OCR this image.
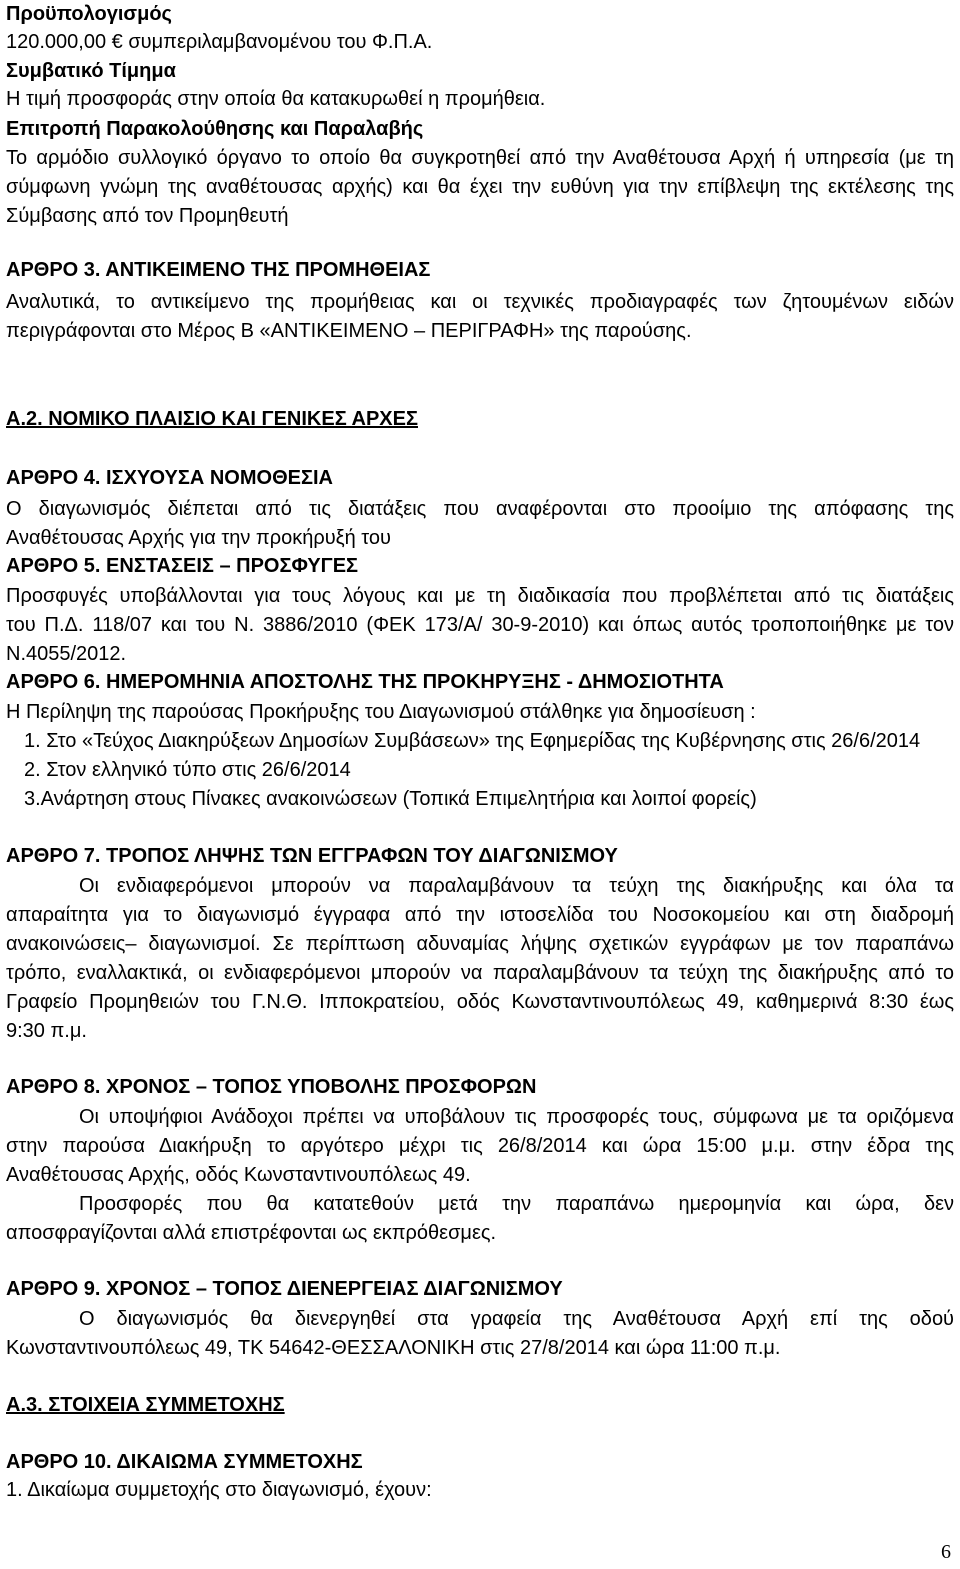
Προϋπολογισμός
120.000,00 € συμπεριλαμβανομένου του Φ.Π.Α.
Συμβατικό Τίμημα
Η τιμή προσφοράς στην οποία θα κατακυρωθεί η προμήθεια.
Επιτροπή Παρακολούθησης και Παραλαβής
Το αρμόδιο συλλογικό όργανο το οποίο θα συγκροτηθεί από την Αναθέτουσα Αρχή ή υπηρεσία (με τη
σύμφωνη γνώμη της αναθέτουσας αρχής) και θα έχει την ευθύνη για την επίβλεψη της εκτέλεσης της
Σύμβασης από τον Προμηθευτή
ΑΡΘΡΟ 3. ΑΝΤΙΚΕΙΜΕΝΟ ΤΗΣ ΠΡΟΜΗΘΕΙΑΣ
Αναλυτικά, το αντικείμενο της προμήθειας και οι τεχνικές προδιαγραφές των ζητουμένων ειδών
περιγράφονται στο Μέρος Β «ΑΝΤΙΚΕΙΜΕΝΟ – ΠΕΡΙΓΡΑΦΗ» της παρούσης.
Α.2. ΝΟΜΙΚΟ ΠΛΑΙΣΙΟ ΚΑΙ ΓΕΝΙΚΕΣ ΑΡΧΕΣ
ΑΡΘΡΟ 4. ΙΣΧΥΟΥΣΑ ΝΟΜΟΘΕΣΙΑ
Ο διαγωνισμός διέπεται από τις διατάξεις που αναφέρονται στο προοίμιο της απόφασης της
Αναθέτουσας Αρχής για την προκήρυξή του
ΑΡΘΡΟ 5. ΕΝΣΤΑΣΕΙΣ – ΠΡΟΣΦΥΓΕΣ
Προσφυγές υποβάλλονται για τους λόγους και με τη διαδικασία που προβλέπεται από τις διατάξεις
του Π.Δ. 118/07 και του Ν. 3886/2010 (ΦΕΚ 173/Α/ 30-9-2010) και όπως αυτός τροποποιήθηκε με τον
Ν.4055/2012.
ΑΡΘΡΟ 6. ΗΜΕΡΟΜΗΝΙΑ ΑΠΟΣΤΟΛΗΣ ΤΗΣ ΠΡΟΚΗΡΥΞΗΣ - ΔΗΜΟΣΙΟΤΗΤΑ
Η Περίληψη της παρούσας Προκήρυξης του Διαγωνισμού στάλθηκε για δημοσίευση :
1. Στο «Τεύχος Διακηρύξεων Δημοσίων Συμβάσεων» της Εφημερίδας της Κυβέρνησης στις 26/6/2014
2. Στον ελληνικό τύπο στις 26/6/2014
3.Ανάρτηση στους Πίνακες ανακοινώσεων (Τοπικά Επιμελητήρια και λοιποί φορείς)
ΑΡΘΡΟ 7. ΤΡΟΠΟΣ ΛΗΨΗΣ ΤΩΝ ΕΓΓΡΑΦΩΝ ΤΟΥ ΔΙΑΓΩΝΙΣΜΟΥ
Οι ενδιαφερόμενοι μπορούν να παραλαμβάνουν τα τεύχη της διακήρυξης και όλα τα
απαραίτητα για το διαγωνισμό έγγραφα από την ιστοσελίδα του Νοσοκομείου και στη διαδρομή
ανακοινώσεις– διαγωνισμοί. Σε περίπτωση αδυναμίας λήψης σχετικών εγγράφων με τον παραπάνω
τρόπο, εναλλακτικά, οι ενδιαφερόμενοι μπορούν να παραλαμβάνουν τα τεύχη της διακήρυξης από το
Γραφείο Προμηθειών του Γ.Ν.Θ. Ιπποκρατείου, οδός Κωνσταντινουπόλεως 49, καθημερινά 8:30 έως
9:30 π.μ.
ΑΡΘΡΟ 8. ΧΡΟΝΟΣ – ΤΟΠΟΣ ΥΠΟΒΟΛΗΣ ΠΡΟΣΦΟΡΩΝ
Οι υποψήφιοι Ανάδοχοι πρέπει να υποβάλουν τις προσφορές τους, σύμφωνα με τα οριζόμενα
στην παρούσα Διακήρυξη το αργότερο μέχρι τις 26/8/2014 και ώρα 15:00 μ.μ. στην έδρα της
Αναθέτουσας Αρχής, οδός Κωνσταντινουπόλεως 49.
Προσφορές που θα κατατεθούν μετά την παραπάνω ημερομηνία και ώρα, δεν
αποσφραγίζονται αλλά επιστρέφονται ως εκπρόθεσμες.
ΑΡΘΡΟ 9. ΧΡΟΝΟΣ – ΤΟΠΟΣ ΔΙΕΝΕΡΓΕΙΑΣ ΔΙΑΓΩΝΙΣΜΟΥ
Ο διαγωνισμός θα διενεργηθεί στα γραφεία της Αναθέτουσα Αρχή επί της οδού
Κωνσταντινουπόλεως 49, ΤΚ 54642-ΘΕΣΣΑΛΟΝΙΚΗ στις 27/8/2014 και ώρα 11:00 π.μ.
Α.3. ΣΤΟΙΧΕΙΑ ΣΥΜΜΕΤΟΧΗΣ
ΑΡΘΡΟ 10. ΔΙΚΑΙΩΜΑ ΣΥΜΜΕΤΟΧΗΣ
1. Δικαίωμα συμμετοχής στο διαγωνισμό, έχουν:
6
